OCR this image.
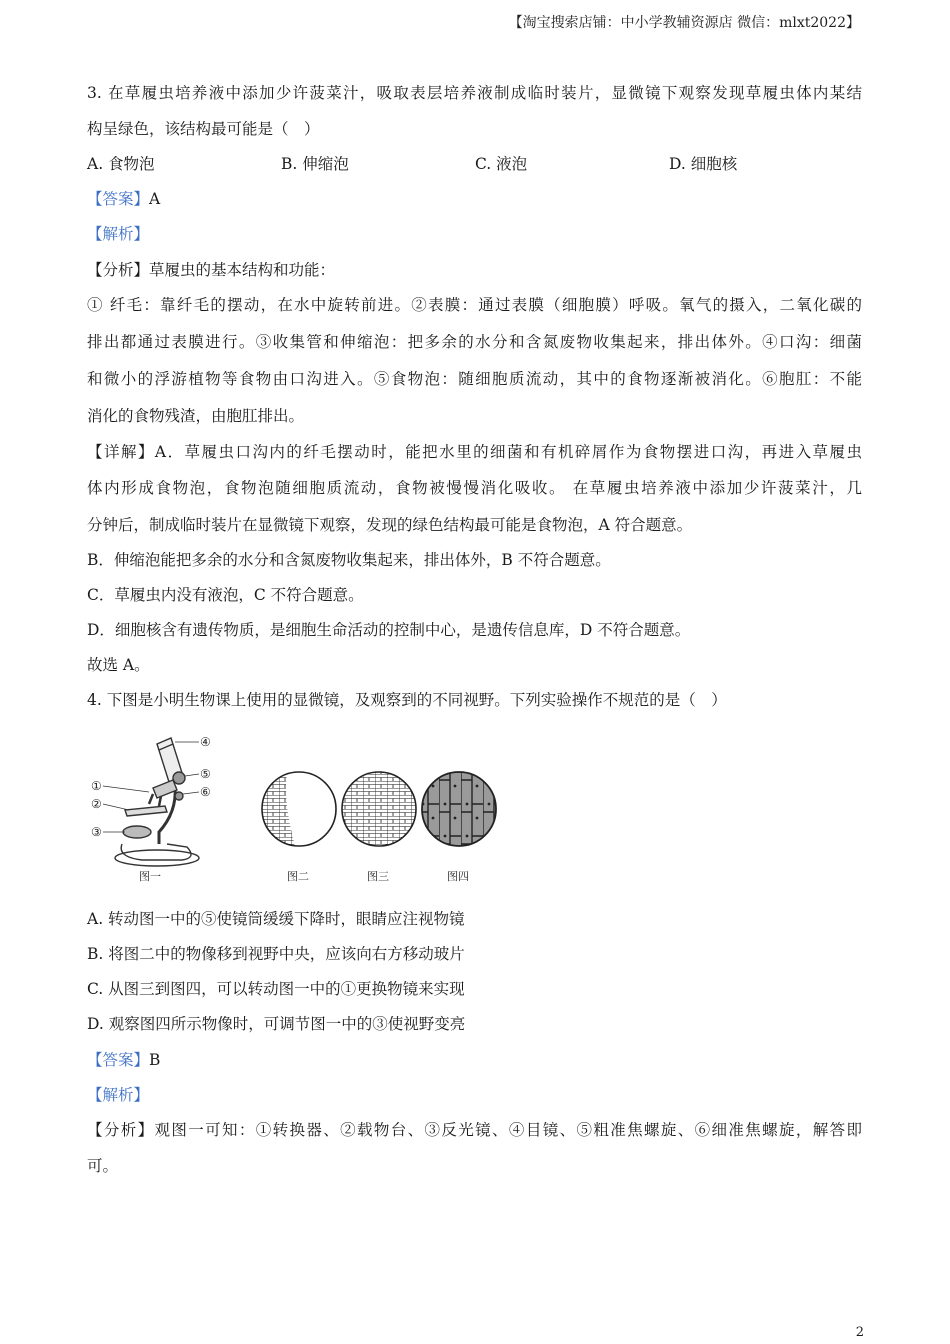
【淘宝搜索店铺：中小学教辅资源店 微信：mlxt2022】
3. 在草履虫培养液中添加少许菠菜汁，吸取表层培养液制成临时装片，显微镜下观察发现草履虫体内某结
构呈绿色，该结构最可能是（　）
A. 食物泡	B. 伸缩泡	C. 液泡	D. 细胞核
【答案】A
【解析】
【分析】草履虫的基本结构和功能：
① 纤毛：靠纤毛的摆动，在水中旋转前进。②表膜：通过表膜（细胞膜）呼吸。氧气的摄入，二氧化碳的
排出都通过表膜进行。③收集管和伸缩泡：把多余的水分和含氮废物收集起来，排出体外。④口沟：细菌
和微小的浮游植物等食物由口沟进入。⑤食物泡：随细胞质流动，其中的食物逐渐被消化。⑥胞肛：不能
消化的食物残渣，由胞肛排出。
【详解】A．草履虫口沟内的纤毛摆动时，能把水里的细菌和有机碎屑作为食物摆进口沟，再进入草履虫
体内形成食物泡，食物泡随细胞质流动，食物被慢慢消化吸收。 在草履虫培养液中添加少许菠菜汁，几
分钟后，制成临时装片在显微镜下观察，发现的绿色结构最可能是食物泡，A 符合题意。
B．伸缩泡能把多余的水分和含氮废物收集起来，排出体外，B 不符合题意。
C．草履虫内没有液泡，C 不符合题意。
D．细胞核含有遗传物质，是细胞生命活动的控制中心，是遗传信息库，D 不符合题意。
故选 A。
4. 下图是小明生物课上使用的显微镜，及观察到的不同视野。下列实验操作不规范的是（　）
①
②
③
④
⑤
⑥
图一	图二	图三	图四
A. 转动图一中的⑤使镜筒缓缓下降时，眼睛应注视物镜
B. 将图二中的物像移到视野中央，应该向右方移动玻片
C. 从图三到图四，可以转动图一中的①更换物镜来实现
D. 观察图四所示物像时，可调节图一中的③使视野变亮
【答案】B
【解析】
【分析】观图一可知：①转换器、②载物台、③反光镜、④目镜、⑤粗准焦螺旋、⑥细准焦螺旋，解答即
可。
2
